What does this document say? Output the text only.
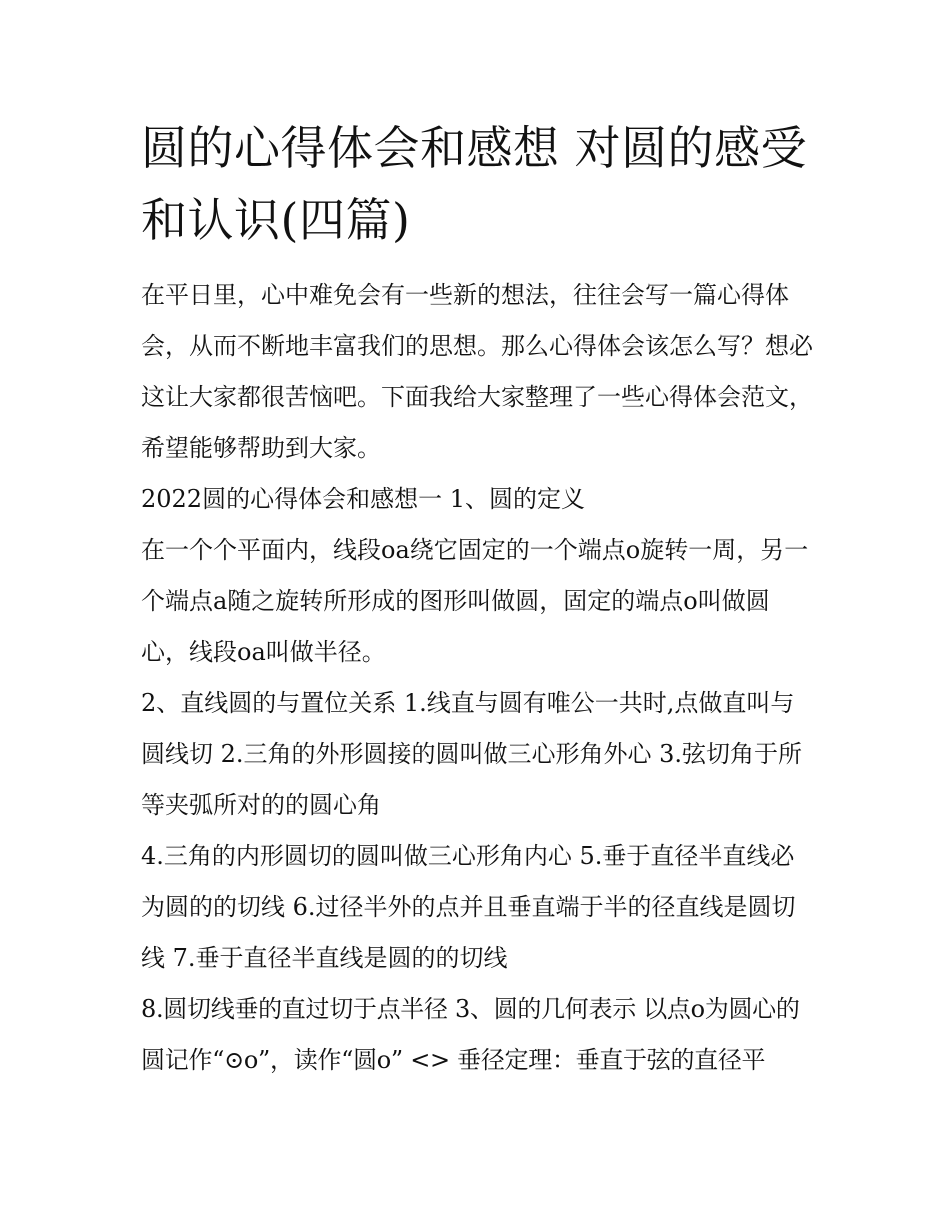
圆的心得体会和感想 对圆的感受和认识(四篇)

在平日里，心中难免会有一些新的想法，往往会写一篇心得体会，从而不断地丰富我们的思想。那么心得体会该怎么写？想必这让大家都很苦恼吧。下面我给大家整理了一些心得体会范文，希望能够帮助到大家。

2022圆的心得体会和感想一 1、圆的定义

在一个个平面内，线段oa绕它固定的一个端点o旋转一周，另一个端点a随之旋转所形成的图形叫做圆，固定的端点o叫做圆心，线段oa叫做半径。

2、直线圆的与置位关系 1.线直与圆有唯公一共时,点做直叫与圆线切 2.三角的外形圆接的圆叫做三心形角外心 3.弦切角于所等夹弧所对的的圆心角

4.三角的内形圆切的圆叫做三心形角内心 5.垂于直径半直线必为圆的的切线 6.过径半外的点并且垂直端于半的径直线是圆切线 7.垂于直径半直线是圆的的切线

8.圆切线垂的直过切于点半径 3、圆的几何表示 以点o为圆心的圆记作“⊙o”，读作“圆o” <> 垂径定理：垂直于弦的直径平
